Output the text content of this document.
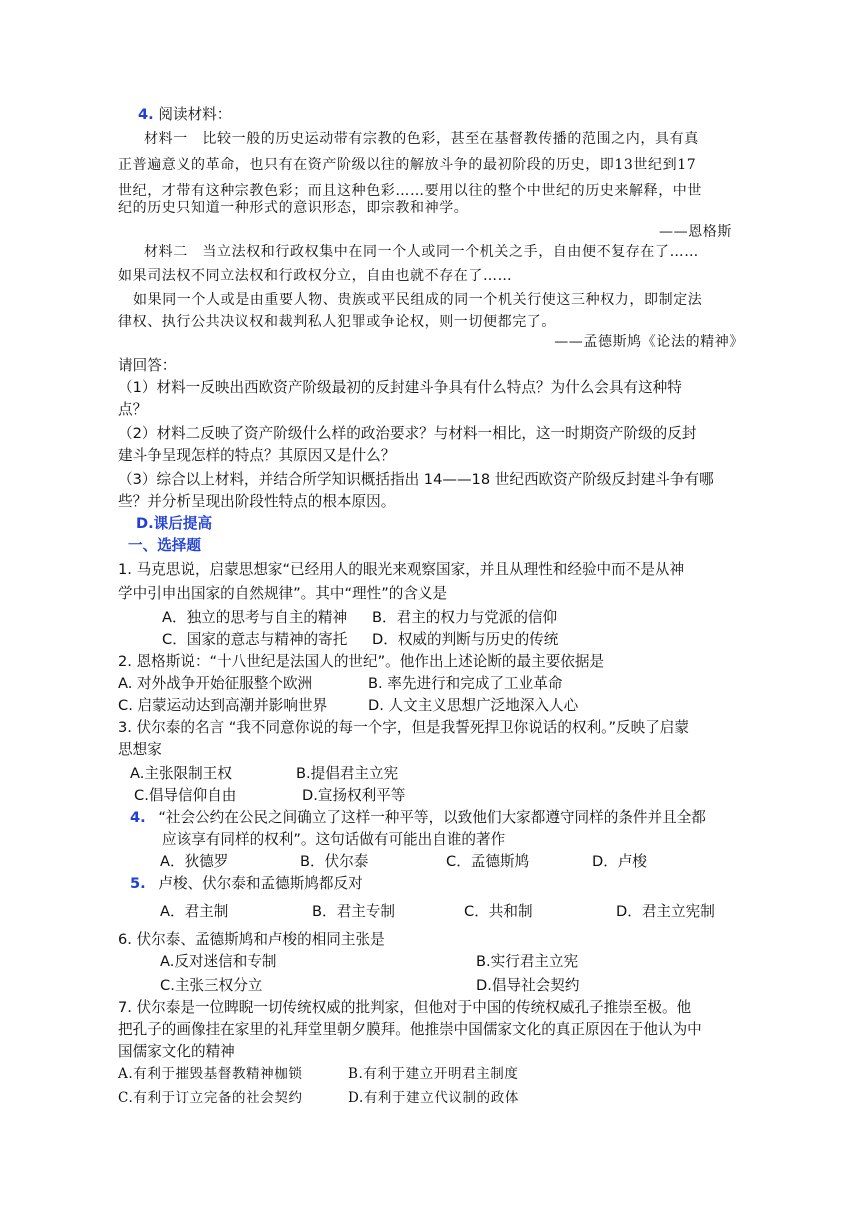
4. 阅读材料：
材料一　比较一般的历史运动带有宗教的色彩，甚至在基督教传播的范围之内，具有真
正普遍意义的革命，也只有在资产阶级以往的解放斗争的最初阶段的历史，即13世纪到17
世纪，才带有这种宗教色彩；而且这种色彩……要用以往的整个中世纪的历史来解释，中世
纪的历史只知道一种形式的意识形态，即宗教和神学。
——恩格斯
材料二　当立法权和行政权集中在同一个人或同一个机关之手，自由便不复存在了……
如果司法权不同立法权和行政权分立，自由也就不存在了……
如果同一个人或是由重要人物、贵族或平民组成的同一个机关行使这三种权力，即制定法
律权、执行公共决议权和裁判私人犯罪或争论权，则一切便都完了。
——孟德斯鸠《论法的精神》
请回答：
（1）材料一反映出西欧资产阶级最初的反封建斗争具有什么特点？为什么会具有这种特
点？
（2）材料二反映了资产阶级什么样的政治要求？与材料一相比，这一时期资产阶级的反封
建斗争呈现怎样的特点？其原因又是什么？
（3）综合以上材料，并结合所学知识概括指出 14——18 世纪西欧资产阶级反封建斗争有哪
些？并分析呈现出阶段性特点的根本原因。
D.课后提高
一、选择题
1. 马克思说，启蒙思想家“已经用人的眼光来观察国家，并且从理性和经验中而不是从神
学中引申出国家的自然规律”。其中“理性”的含义是
A．独立的思考与自主的精神 B．君主的权力与党派的信仰
C．国家的意志与精神的寄托 D．权威的判断与历史的传统
2. 恩格斯说：“十八世纪是法国人的世纪”。他作出上述论断的最主要依据是
A. 对外战争开始征服整个欧洲	B. 率先进行和完成了工业革命
C. 启蒙运动达到高潮并影响世界	D. 人文主义思想广泛地深入人心
3. 伏尔泰的名言 “我不同意你说的每一个字，但是我誓死捍卫你说话的权利。”反映了启蒙
思想家
A.主张限制王权	B.提倡君主立宪
C.倡导信仰自由	D.宣扬权利平等
4. “社会公约在公民之间确立了这样一种平等，以致他们大家都遵守同样的条件并且全都
应该享有同样的权利”。这句话做有可能出自谁的著作
A．狄德罗	B．伏尔泰	C．孟德斯鸠	D．卢梭
5. 卢梭、伏尔泰和孟德斯鸠都反对
A．君主制	B．君主专制	C．共和制	D．君主立宪制
6. 伏尔泰、孟德斯鸠和卢梭的相同主张是
A.反对迷信和专制	B.实行君主立宪
C.主张三权分立	D.倡导社会契约
7. 伏尔泰是一位睥睨一切传统权威的批判家，但他对于中国的传统权威孔子推崇至极。他
把孔子的画像挂在家里的礼拜堂里朝夕膜拜。他推崇中国儒家文化的真正原因在于他认为中
国儒家文化的精神
A.有利于摧毁基督教精神枷锁	B.有利于建立开明君主制度
C.有利于订立完备的社会契约	D.有利于建立代议制的政体
